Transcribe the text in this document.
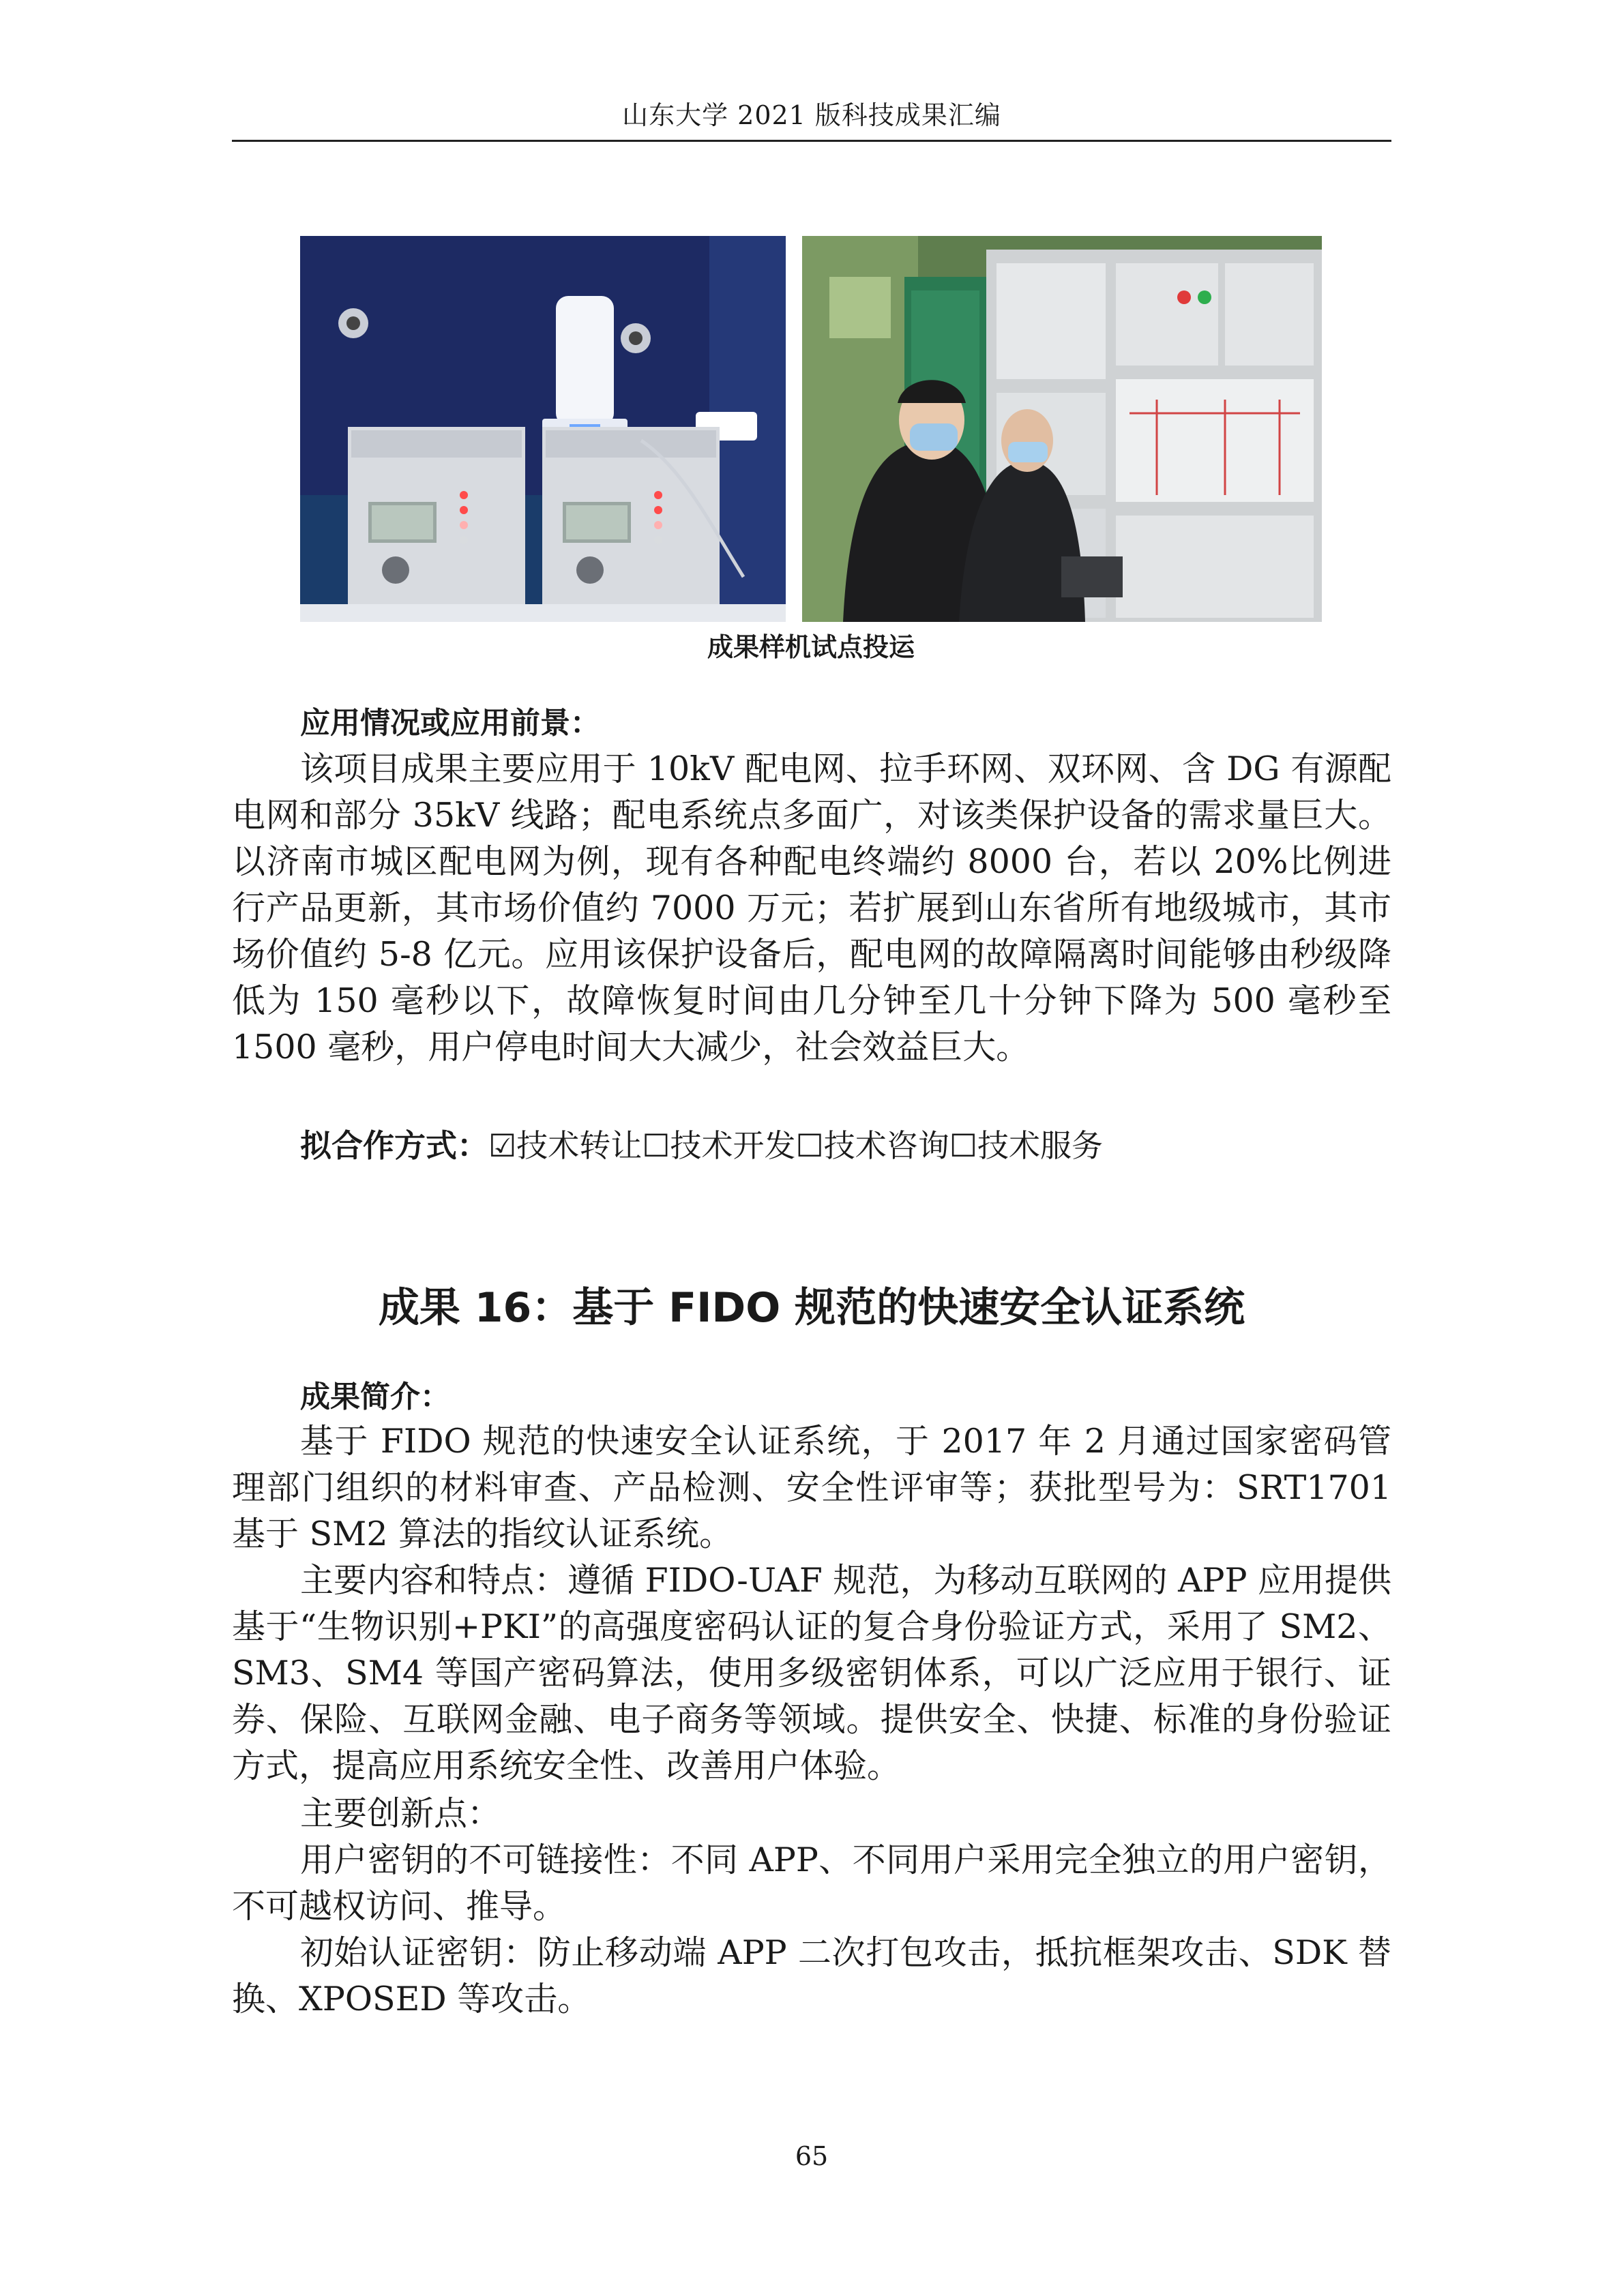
山东大学 2021 版科技成果汇编
成果样机试点投运
应用情况或应用前景：

该项目成果主要应用于 10kV 配电网、拉手环网、双环网、含 DG 有源配电网和部分 35kV 线路；配电系统点多面广，对该类保护设备的需求量巨大。以济南市城区配电网为例，现有各种配电终端约 8000 台，若以 20%比例进行产品更新，其市场价值约 7000 万元；若扩展到山东省所有地级城市，其市场价值约 5-8 亿元。应用该保护设备后，配电网的故障隔离时间能够由秒级降低为 150 毫秒以下，故障恢复时间由几分钟至几十分钟下降为 500 毫秒至 1500 毫秒，用户停电时间大大减少，社会效益巨大。

拟合作方式：☑技术转让☐技术开发☐技术咨询☐技术服务
成果 16：基于 FIDO 规范的快速安全认证系统
成果简介：

基于 FIDO 规范的快速安全认证系统，于 2017 年 2 月通过国家密码管理部门组织的材料审查、产品检测、安全性评审等；获批型号为：SRT1701 基于 SM2 算法的指纹认证系统。

主要内容和特点：遵循 FIDO-UAF 规范，为移动互联网的 APP 应用提供基于“生物识别+PKI”的高强度密码认证的复合身份验证方式，采用了 SM2、SM3、SM4 等国产密码算法，使用多级密钥体系，可以广泛应用于银行、证券、保险、互联网金融、电子商务等领域。提供安全、快捷、标准的身份验证方式，提高应用系统安全性、改善用户体验。

主要创新点：

用户密钥的不可链接性：不同 APP、不同用户采用完全独立的用户密钥，不可越权访问、推导。

初始认证密钥：防止移动端 APP 二次打包攻击，抵抗框架攻击、SDK 替换、XPOSED 等攻击。

65
